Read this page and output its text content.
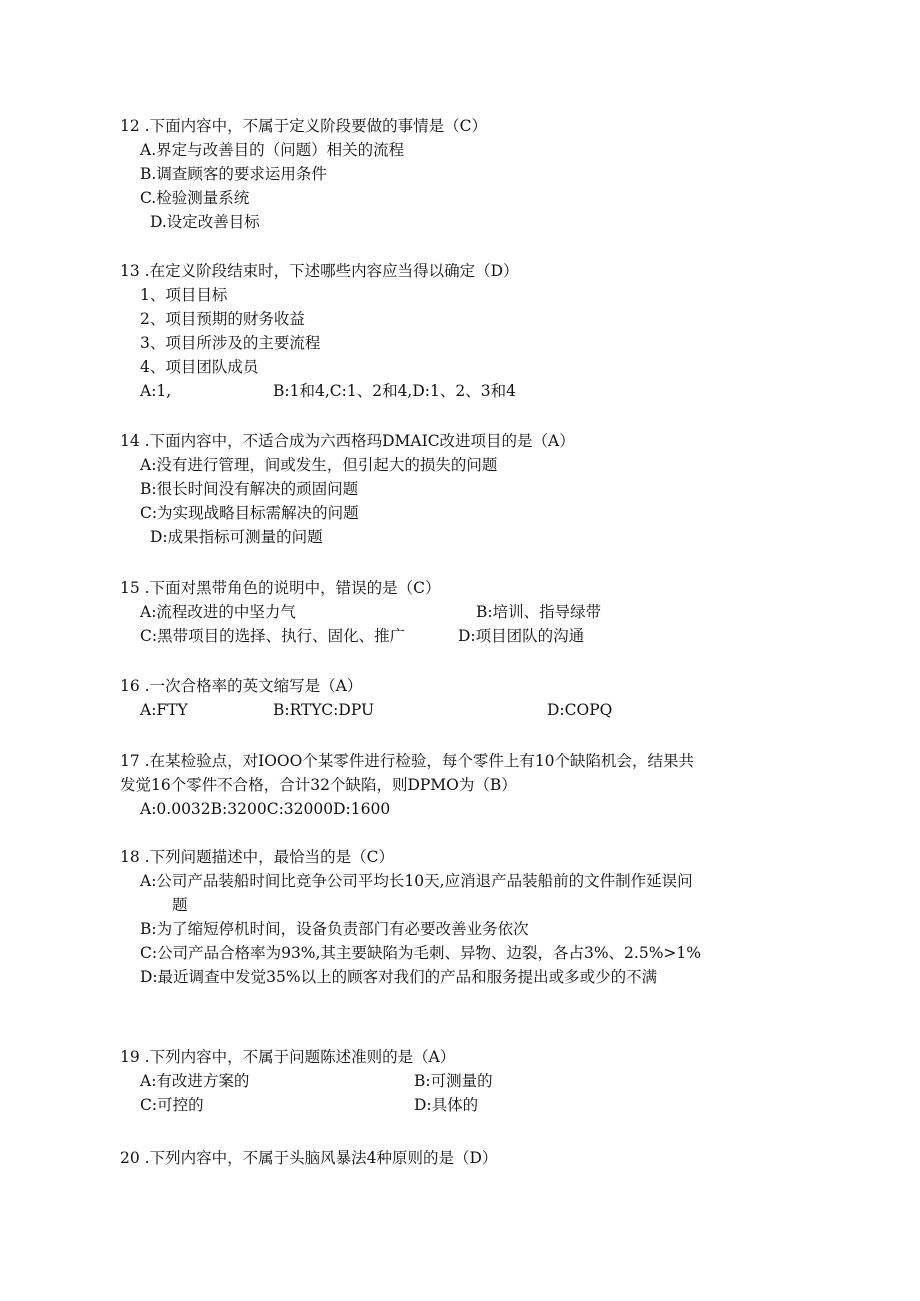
12 .下面内容中，不属于定义阶段要做的事情是（C）
A.界定与改善目的（问题）相关的流程
B.调查顾客的要求运用条件
C.检验测量系统
D.设定改善目标
13 .在定义阶段结束时，下述哪些内容应当得以确定（D）
1、项目目标
2、项目预期的财务收益
3、项目所涉及的主要流程
4、项目团队成员
A:1,	B:1和4,C:1、2和4,D:1、2、3和4
14 .下面内容中，不适合成为六西格玛DMAIC改进项目的是（A）
A:没有进行管理，间或发生，但引起大的损失的问题
B:很长时间没有解决的顽固问题
C:为实现战略目标需解决的问题
D:成果指标可测量的问题
15 .下面对黑带角色的说明中，错误的是（C）
A:流程改进的中坚力气	B:培训、指导绿带
C:黑带项目的选择、执行、固化、推广	D:项目团队的沟通
16 .一次合格率的英文缩写是（A）
A:FTY	B:RTYC:DPU	D:COPQ
17 .在某检验点，对IOOO个某零件进行检验，每个零件上有10个缺陷机会，结果共
发觉16个零件不合格，合计32个缺陷，则DPMO为（B）
A:0.0032B:3200C:32000D:1600
18 .下列问题描述中，最恰当的是（C）
A:公司产品装船时间比竞争公司平均长10天,应消退产品装船前的文件制作延误问
题
B:为了缩短停机时间，设备负责部门有必要改善业务依次
C:公司产品合格率为93%,其主要缺陷为毛刺、异物、边裂，各占3%、2.5%>1%
D:最近调查中发觉35%以上的顾客对我们的产品和服务提出或多或少的不满
19 .下列内容中，不属于问题陈述准则的是（A）
A:有改进方案的	B:可测量的
C:可控的	D:具体的
20 .下列内容中，不属于头脑风暴法4种原则的是（D）
